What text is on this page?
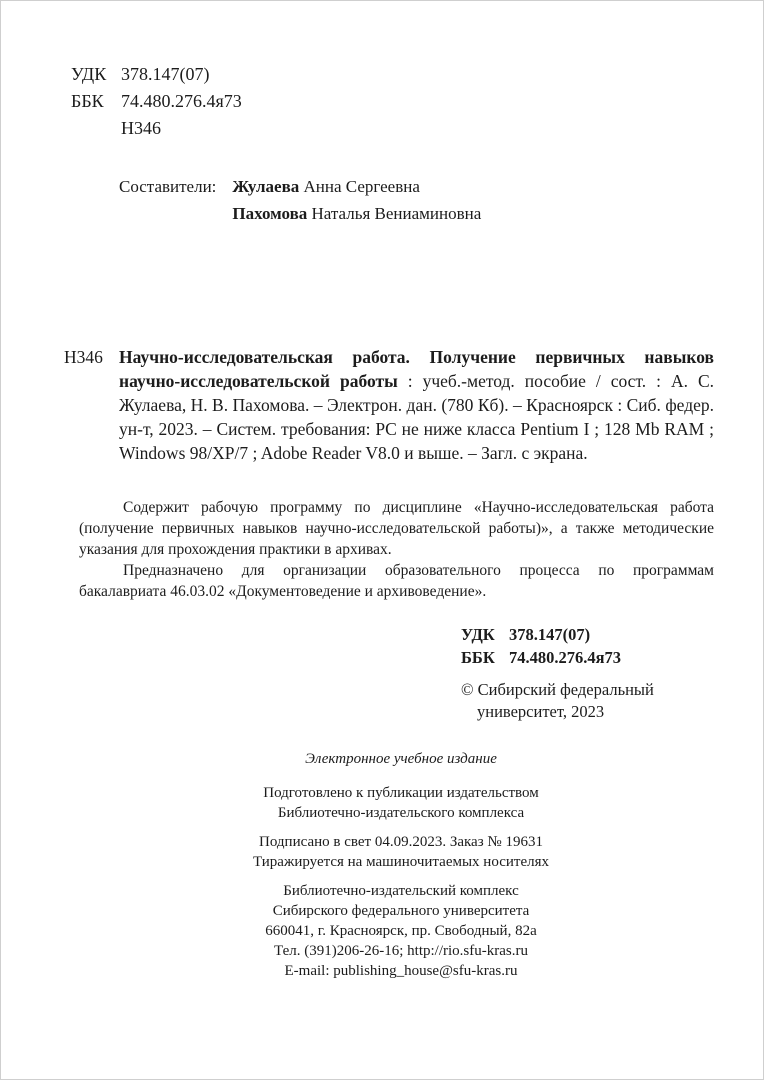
УДК 378.147(07)
ББК 74.480.276.4я73
Н346
Составители: Жулаева Анна Сергеевна
Пахомова Наталья Вениаминовна
Н346 Научно-исследовательская работа. Получение первичных навыков научно-исследовательской работы : учеб.-метод. пособие / сост. : А. С. Жулаева, Н. В. Пахомова. – Электрон. дан. (780 Кб). – Красноярск : Сиб. федер. ун-т, 2023. – Систем. требования: PC не ниже класса Pentium I ; 128 Mb RAM ; Windows 98/XP/7 ; Adobe Reader V8.0 и выше. – Загл. с экрана.

Содержит рабочую программу по дисциплине «Научно-исследовательская работа (получение первичных навыков научно-исследовательской работы)», а также методические указания для прохождения практики в архивах.

Предназначено для организации образовательного процесса по программам бакалавриата 46.03.02 «Документоведение и архивоведение».

УДК 378.147(07)
ББК 74.480.276.4я73
© Сибирский федеральный
университет, 2023
Электронное учебное издание
Подготовлено к публикации издательством
Библиотечно-издательского комплекса
Подписано в свет 04.09.2023. Заказ № 19631
Тиражируется на машиночитаемых носителях
Библиотечно-издательский комплекс
Сибирского федерального университета
660041, г. Красноярск, пр. Свободный, 82а
Тел. (391)206-26-16; http://rio.sfu-kras.ru
E-mail: publishing_house@sfu-kras.ru
